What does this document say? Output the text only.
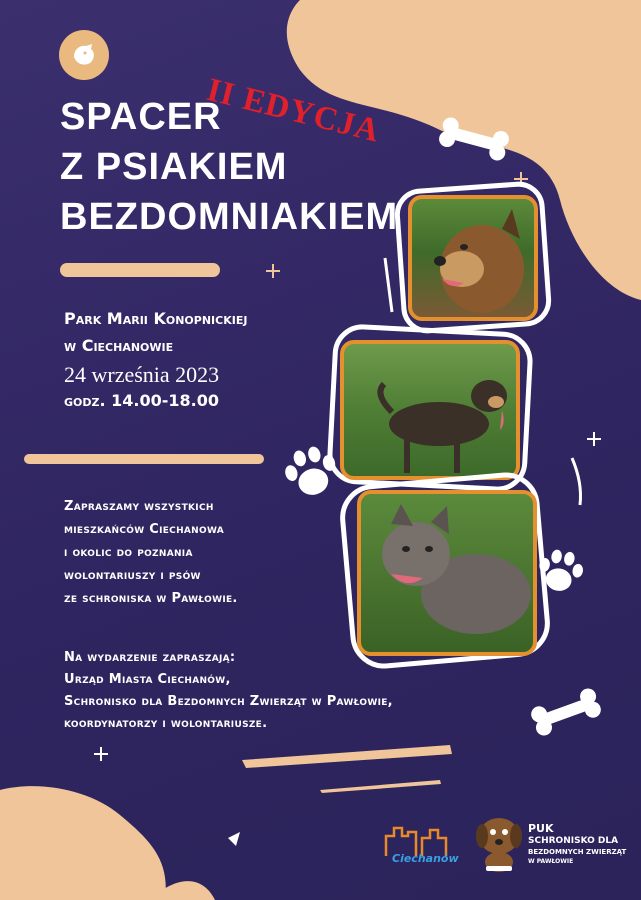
II EDYCJA
SPACER
Z PSIAKIEM
BEZDOMNIAKIEM
Park Marii Konopnickiej
w Ciechanowie
24 września 2023
godz. 14.00-18.00
Zapraszamy wszystkich
mieszkańców Ciechanowa
i okolic do poznania
wolontariuszy i psów
ze schroniska w Pawłowie.
Na wydarzenie zapraszają:
Urząd Miasta Ciechanów,
Schronisko dla Bezdomnych Zwierząt w Pawłowie,
koordynatorzy i wolontariusze.
Ciechanów
PUK
SCHRONISKO DLA
BEZDOMNYCH ZWIERZĄT
W PAWŁOWIE
